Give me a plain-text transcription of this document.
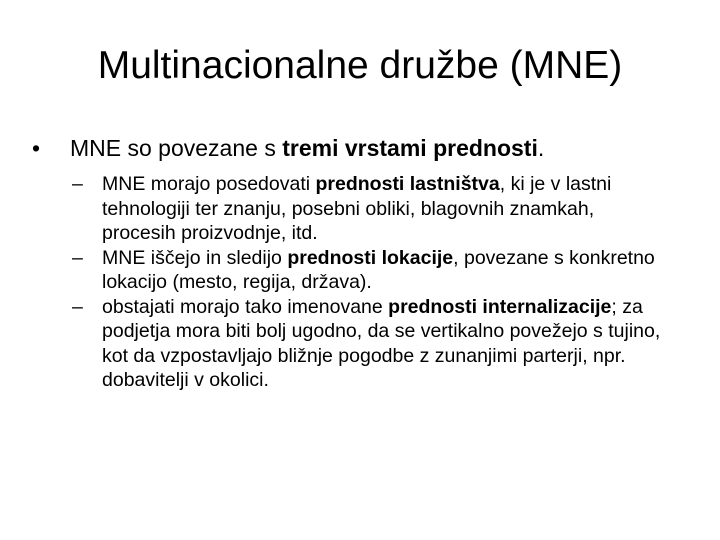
Multinacionalne družbe (MNE)
• MNE so povezane s tremi vrstami prednosti.

– MNE morajo posedovati prednosti lastništva, ki je v lastni tehnologiji ter znanju, posebni obliki, blagovnih znamkah, procesih proizvodnje, itd.

– MNE iščejo in sledijo prednosti lokacije, povezane s konkretno lokacijo (mesto, regija, država).

– obstajati morajo tako imenovane prednosti internalizacije; za podjetja mora biti bolj ugodno, da se vertikalno povežejo s tujino, kot da vzpostavljajo bližnje pogodbe z zunanjimi parterji, npr. dobavitelji v okolici.
